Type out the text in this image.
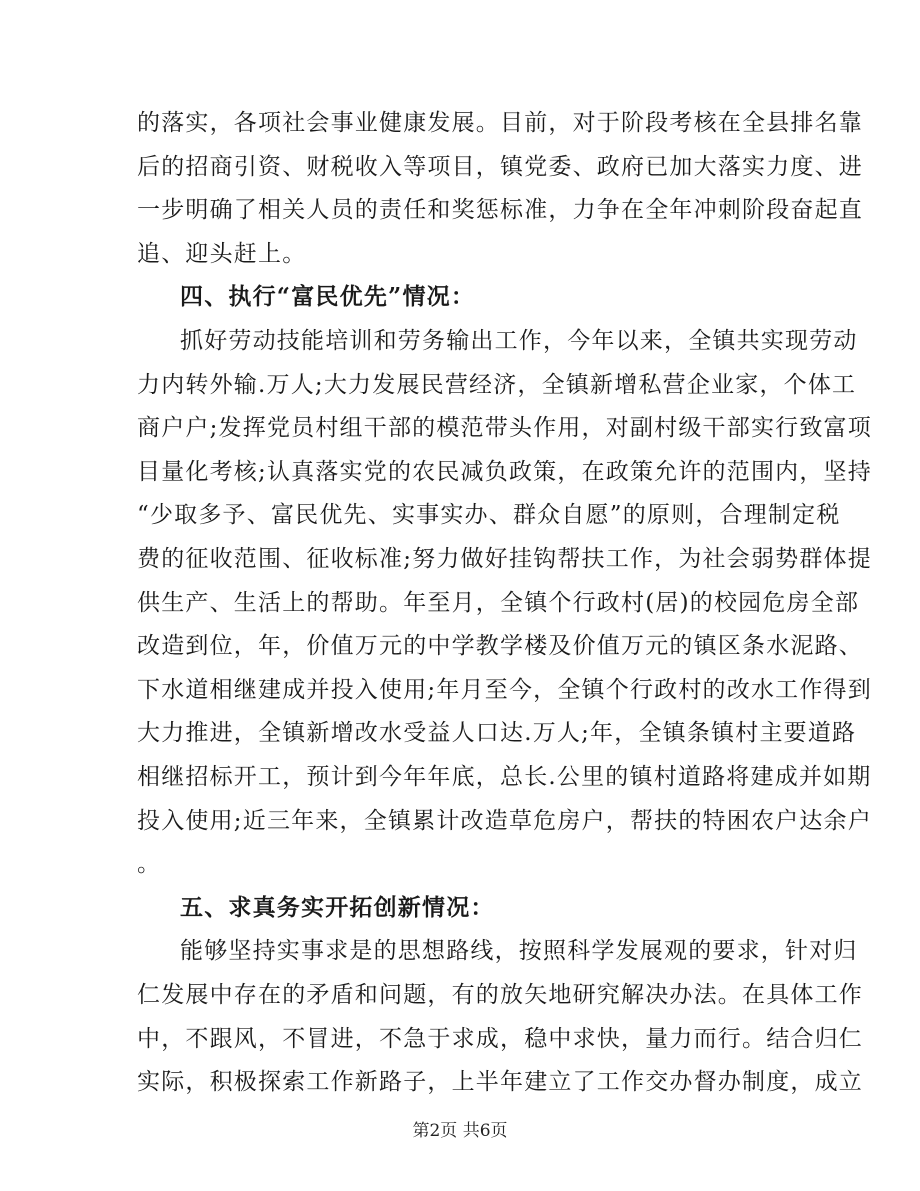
的落实，各项社会事业健康发展。目前，对于阶段考核在全县排名靠
后的招商引资、财税收入等项目，镇党委、政府已加大落实力度、进
一步明确了相关人员的责任和奖惩标准，力争在全年冲刺阶段奋起直
追、迎头赶上。
四、执行“富民优先”情况：
抓好劳动技能培训和劳务输出工作，今年以来，全镇共实现劳动
力内转外输.万人;大力发展民营经济，全镇新增私营企业家，个体工
商户户;发挥党员村组干部的模范带头作用，对副村级干部实行致富项
目量化考核;认真落实党的农民减负政策，在政策允许的范围内，坚持
“少取多予、富民优先、实事实办、群众自愿”的原则，合理制定税
费的征收范围、征收标准;努力做好挂钩帮扶工作，为社会弱势群体提
供生产、生活上的帮助。年至月，全镇个行政村(居)的校园危房全部
改造到位，年，价值万元的中学教学楼及价值万元的镇区条水泥路、
下水道相继建成并投入使用;年月至今，全镇个行政村的改水工作得到
大力推进，全镇新增改水受益人口达.万人;年，全镇条镇村主要道路
相继招标开工，预计到今年年底，总长.公里的镇村道路将建成并如期
投入使用;近三年来，全镇累计改造草危房户，帮扶的特困农户达余户
。
五、求真务实开拓创新情况：
能够坚持实事求是的思想路线，按照科学发展观的要求，针对归
仁发展中存在的矛盾和问题，有的放矢地研究解决办法。在具体工作
中，不跟风，不冒进，不急于求成，稳中求快，量力而行。结合归仁
实际，积极探索工作新路子，上半年建立了工作交办督办制度，成立
第2页 共6页
